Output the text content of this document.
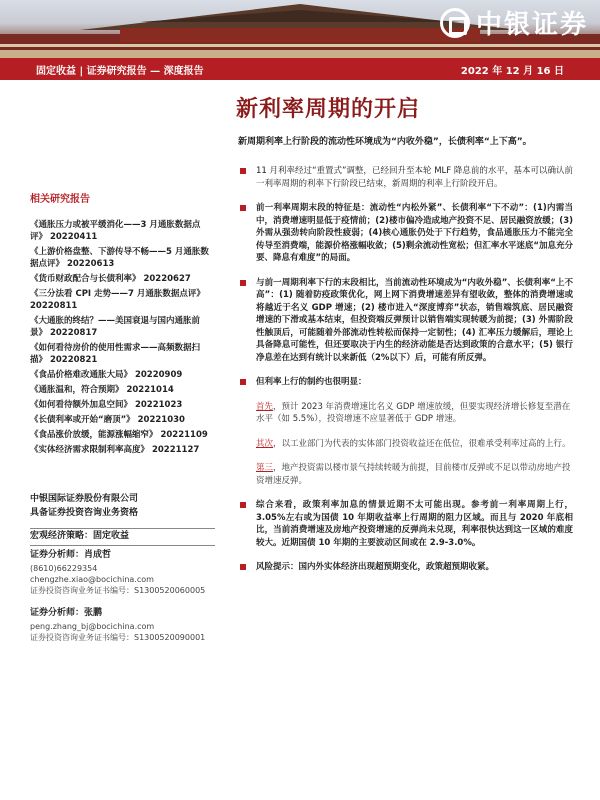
中银证券
固定收益 | 证券研究报告 — 深度报告	2022 年 12 月 16 日
新利率周期的开启
相关研究报告
《通胀压力或被平缓消化——3 月通胀数据点评》 20220411
《上游价格盘整、下游传导不畅——5 月通胀数据点评》 20220613
《货币财政配合与长债利率》 20220627
《三分法看 CPI 走势——7 月通胀数据点评》 20220811
《大通胀的终结？——美国衰退与国内通胀前景》 20220817
《如何看待房价的使用性需求——高频数据扫描》 20220821
《食品价格难改通胀大局》 20220909
《通胀温和，符合预期》 20221014
《如何看待额外加息空间》 20221023
《长债利率或开始“磨顶”》 20221030
《食品涨价放缓，能源涨幅缩窄》 20221109
《实体经济需求限制利率高度》 20221127
中银国际证券股份有限公司
具备证券投资咨询业务资格
宏观经济策略：固定收益
证券分析师：肖成哲
(8610)66229354
chengzhe.xiao@bocichina.com
证券投资咨询业务证书编号：S1300520060005
证券分析师：张鹏
peng.zhang_bj@bocichina.com
证券投资咨询业务证书编号：S1300520090001
新周期利率上行阶段的流动性环境成为“内收外稳”，长债利率“上下高”。
11 月利率经过“重置式”调整，已经回升至本轮 MLF 降息前的水平，基本可以确认前一利率周期的利率下行阶段已结束，新周期的利率上行阶段开启。
前一利率周期末段的特征是：流动性“内松外紧”、长债利率“下不动”：(1)内需当中，消费增速明显低于疫情前；(2)楼市偏冷造成地产投资不足、居民融资放缓；(3)外需从强劲转向阶段性疲弱；(4)核心通胀仍处于下行趋势，食品通胀压力不能完全传导至消费端，能源价格涨幅收敛；(5)剩余流动性宽松；但汇率水平迷底“加息充分要、降息有难度”的局面。
与前一周期利率下行的末段相比，当前流动性环境成为“内收外稳”、长债利率“上不高”：(1) 随着防疫政策优化，网上网下消费增速差异有望收敛，整体的消费增速或将越近于名义 GDP 增速；(2) 楼市进入“深度博弈”状态，销售端筑底、居民融资增速的下滑或基本结束，但投资端反弹预计以销售端实现转暖为前提；(3) 外需阶段性触顶后，可能随着外部流动性转松而保持一定韧性；(4) 汇率压力缓解后，理论上具备降息可能性，但还要取决于内生的经济动能是否达到政策的合意水平；(5) 银行净息差在达到有统计以来新低（2%以下）后，可能有所反弹。
但利率上行的制约也很明显：
首先，预计 2023 年消费增速比名义 GDP 增速放缓，但要实现经济增长修复至潜在水平（如 5.5%），投资增速不应显著低于 GDP 增速。
其次，以工业部门为代表的实体部门投资收益还在低位，很难承受利率过高的上行。
第三，地产投资需以楼市景气持续转暖为前提，目前楼市反弹或不足以带动房地产投资增速反弹。
综合来看，政策利率加息的情景近期不太可能出现。参考前一利率周期上行，3.05%左右或为国债 10 年期收益率上行周期的阻力区域。而且与 2020 年底相比，当前消费增速及房地产投资增速的反弹尚未兑现，利率很快达到这一区域的难度较大。近期国债 10 年期的主要波动区间或在 2.9-3.0%。
风险提示：国内外实体经济出现超预期变化，政策超预期收紧。
